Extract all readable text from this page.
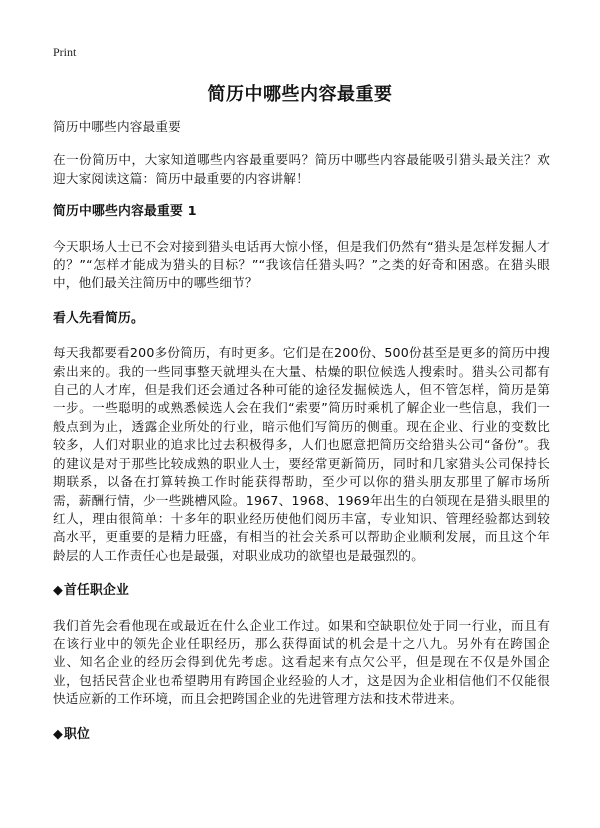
Print
简历中哪些内容最重要

简历中哪些内容最重要

在一份简历中，大家知道哪些内容最重要吗？简历中哪些内容最能吸引猎头最关注？欢迎大家阅读这篇：简历中最重要的内容讲解！

简历中哪些内容最重要 1

今天职场人士已不会对接到猎头电话再大惊小怪，但是我们仍然有“猎头是怎样发掘人才的？”“怎样才能成为猎头的目标？”“我该信任猎头吗？”之类的好奇和困惑。在猎头眼中，他们最关注简历中的哪些细节？

看人先看简历。

每天我都要看200多份简历，有时更多。它们是在200份、500份甚至是更多的简历中搜索出来的。我的一些同事整天就埋头在大量、枯燥的职位候选人搜索时。猎头公司都有自己的人才库，但是我们还会通过各种可能的途径发掘候选人，但不管怎样，简历是第一步。一些聪明的或熟悉候选人会在我们“索要”简历时乘机了解企业一些信息，我们一般点到为止，透露企业所处的行业，暗示他们写简历的侧重。现在企业、行业的变数比较多，人们对职业的追求比过去积极得多，人们也愿意把简历交给猎头公司“备份”。我的建议是对于那些比较成熟的职业人士，要经常更新简历，同时和几家猎头公司保持长期联系，以备在打算转换工作时能获得帮助，至少可以你的猎头朋友那里了解市场所需，薪酬行情，少一些跳槽风险。1967、1968、1969年出生的白领现在是猎头眼里的红人，理由很简单：十多年的职业经历使他们阅历丰富，专业知识、管理经验都达到较高水平，更重要的是精力旺盛，有相当的社会关系可以帮助企业顺利发展，而且这个年龄层的人工作责任心也是最强，对职业成功的欲望也是最强烈的。

◆首任职企业

我们首先会看他现在或最近在什么企业工作过。如果和空缺职位处于同一行业，而且有在该行业中的领先企业任职经历，那么获得面试的机会是十之八九。另外有在跨国企业、知名企业的经历会得到优先考虑。这看起来有点欠公平，但是现在不仅是外国企业，包括民营企业也希望聘用有跨国企业经验的人才，这是因为企业相信他们不仅能很快适应新的工作环境，而且会把跨国企业的先进管理方法和技术带进来。

◆职位
